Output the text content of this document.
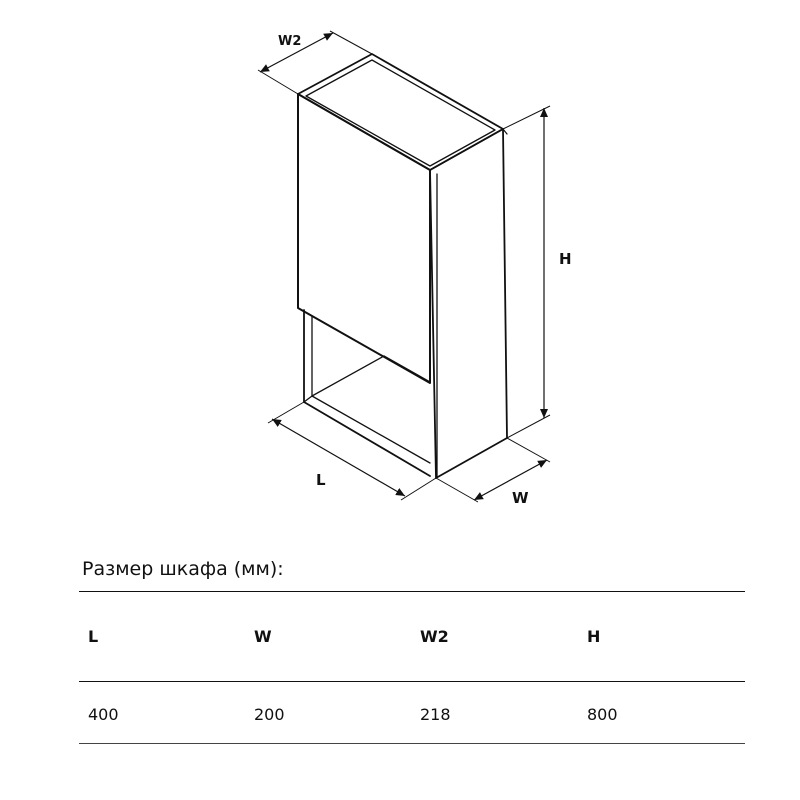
W2
H
L
W
Размер шкафа (мм):
L	W	W2	H
400	200	218	800
